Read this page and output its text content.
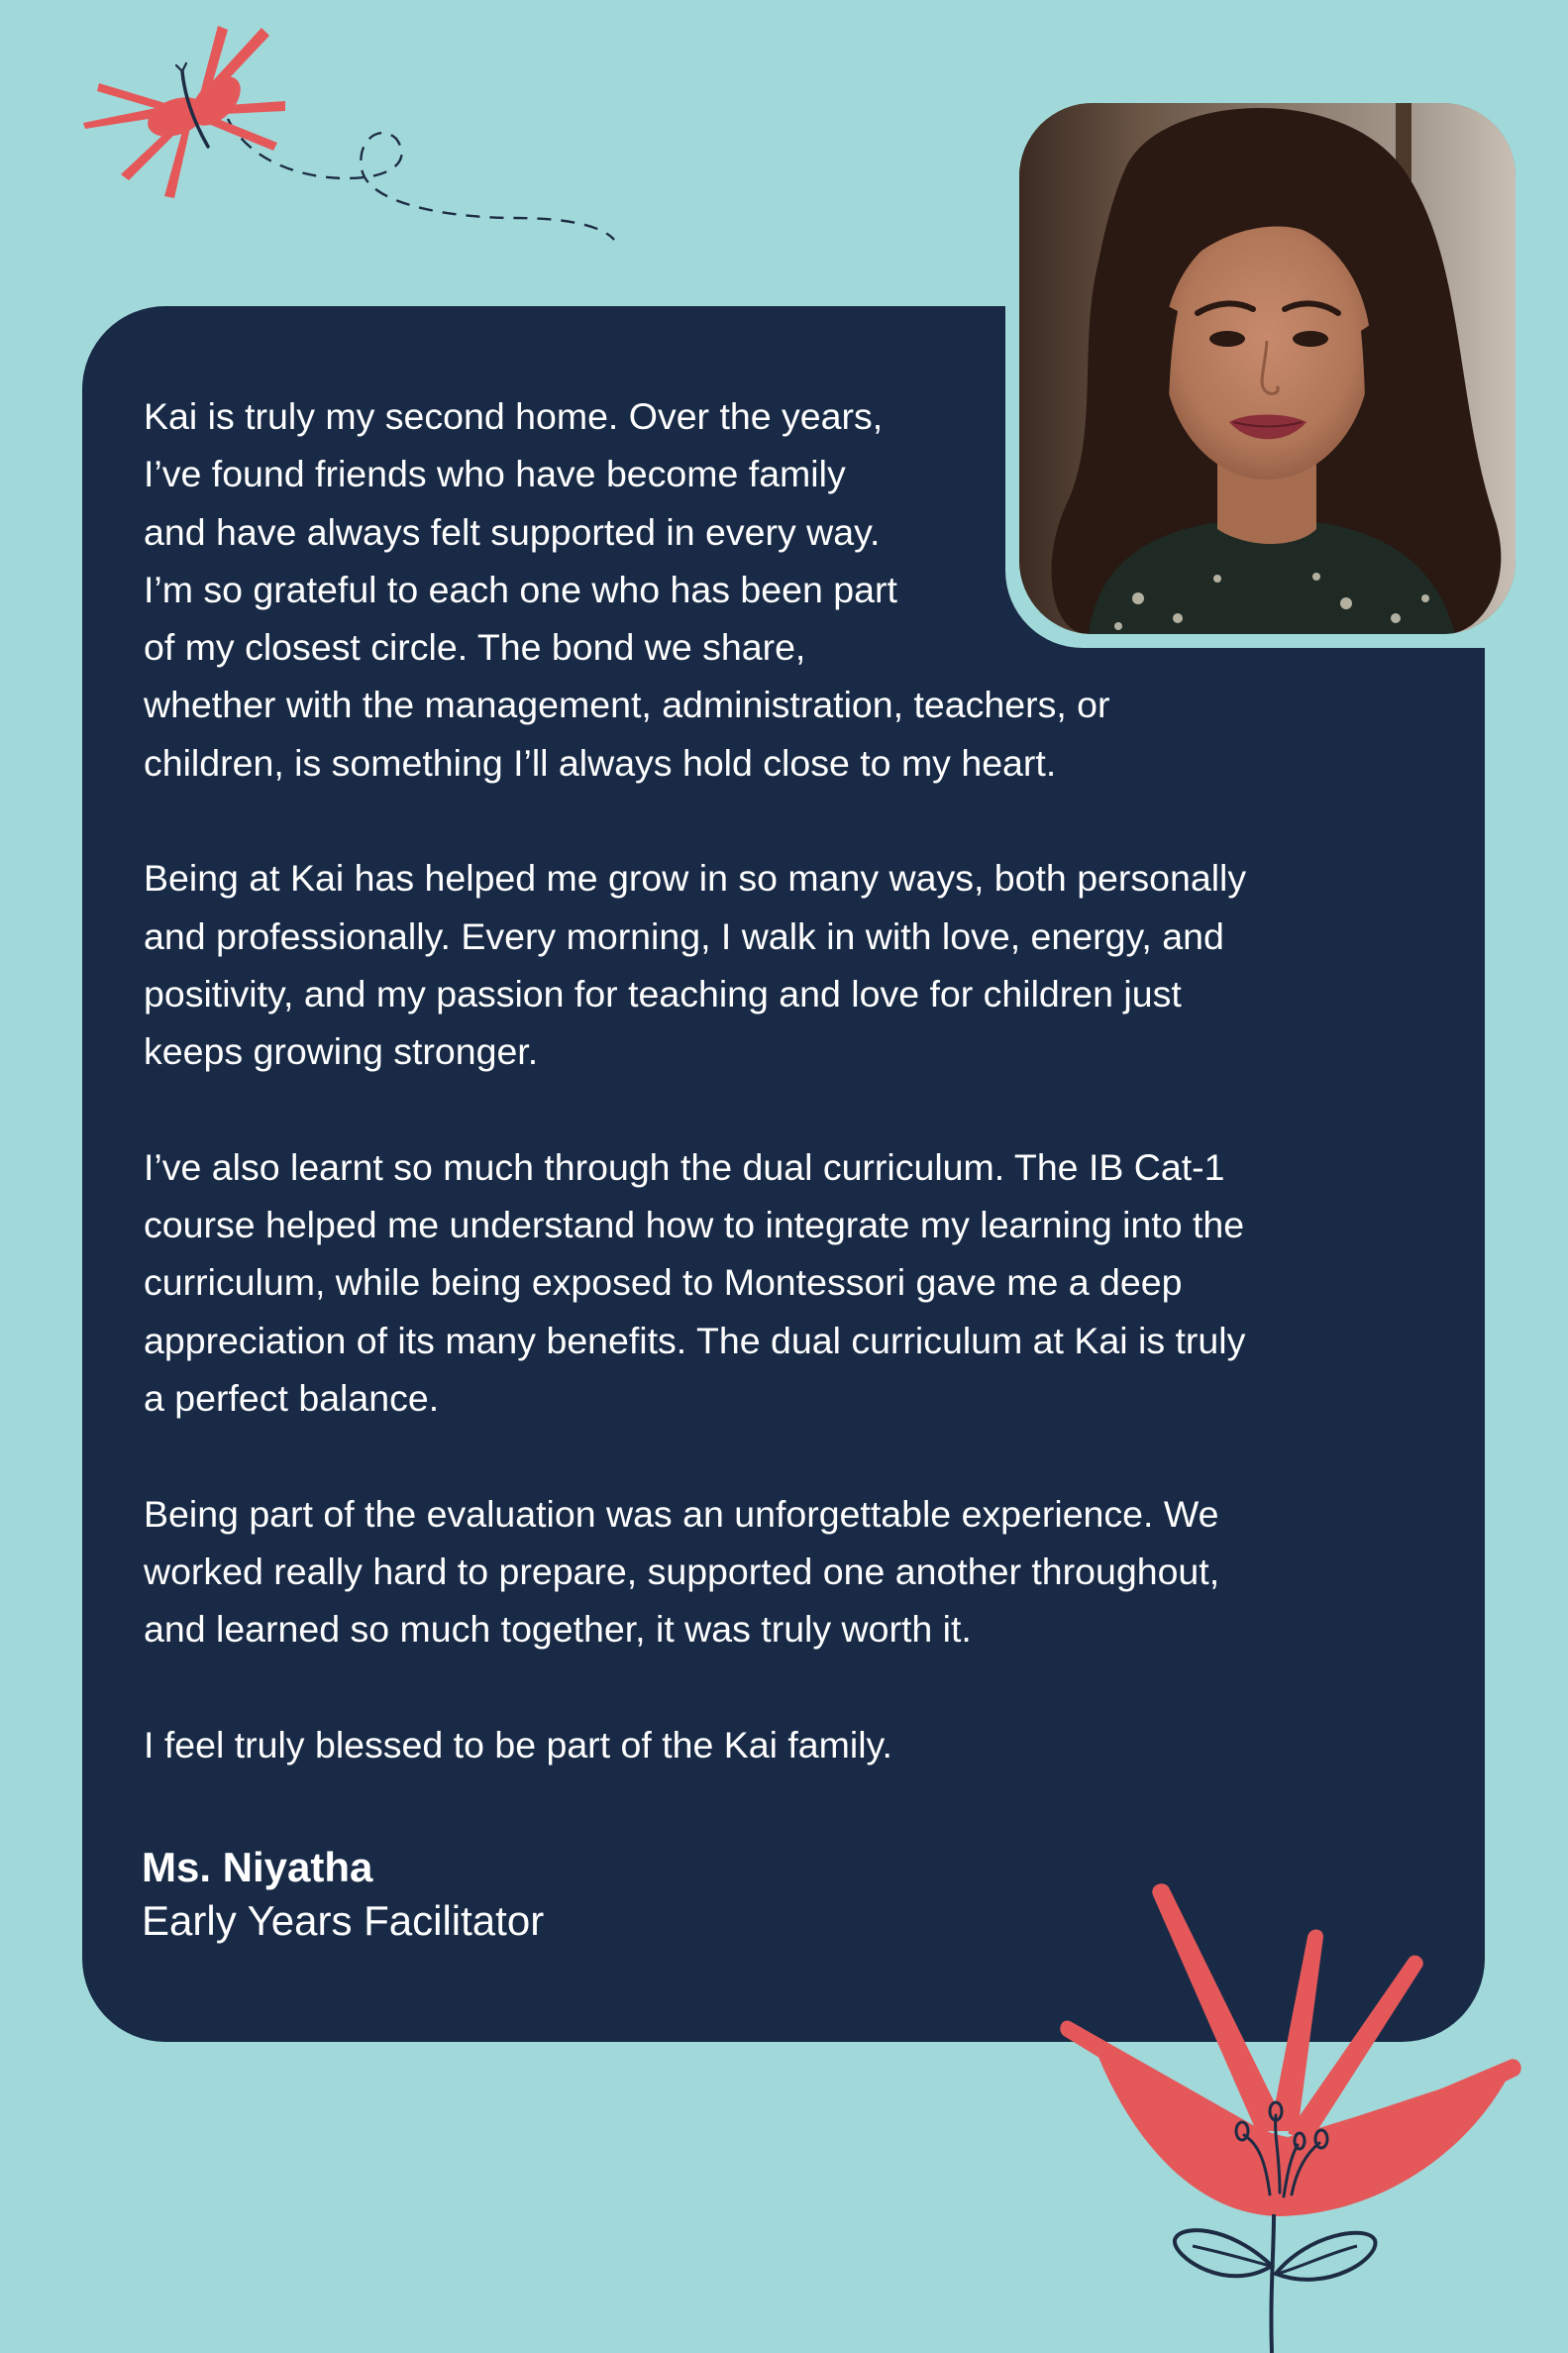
Kai is truly my second home. Over the years,
I’ve found friends who have become family
and have always felt supported in every way.
I’m so grateful to each one who has been part
of my closest circle. The bond we share,
whether with the management, administration, teachers, or
children, is something I’ll always hold close to my heart.

Being at Kai has helped me grow in so many ways, both personally
and professionally. Every morning, I walk in with love, energy, and
positivity, and my passion for teaching and love for children just
keeps growing stronger.

I’ve also learnt so much through the dual curriculum. The IB Cat-1
course helped me understand how to integrate my learning into the
curriculum, while being exposed to Montessori gave me a deep
appreciation of its many benefits. The dual curriculum at Kai is truly
a perfect balance.

Being part of the evaluation was an unforgettable experience. We
worked really hard to prepare, supported one another throughout,
and learned so much together, it was truly worth it.

I feel truly blessed to be part of the Kai family.

Ms. Niyatha
Early Years Facilitator
